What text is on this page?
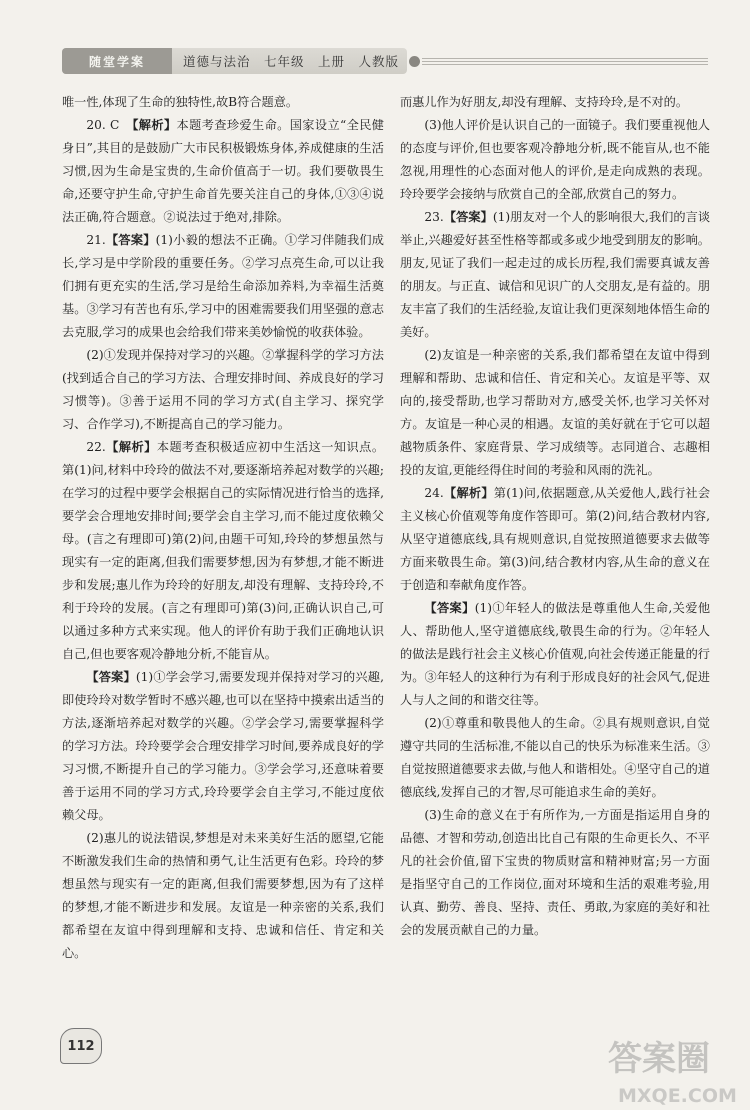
随堂学案	道德与法治　七年级　上册　人教版

唯一性,体现了生命的独特性,故B符合题意。

20. C　【解析】本题考查珍爱生命。国家设立“全民健身日”,其目的是鼓励广大市民积极锻炼身体,养成健康的生活习惯,因为生命是宝贵的,生命价值高于一切。我们要敬畏生命,还要守护生命,守护生命首先要关注自己的身体,①③④说法正确,符合题意。②说法过于绝对,排除。

21.【答案】(1)小毅的想法不正确。①学习伴随我们成长,学习是中学阶段的重要任务。②学习点亮生命,可以让我们拥有更充实的生活,学习是给生命添加养料,为幸福生活奠基。③学习有苦也有乐,学习中的困难需要我们用坚强的意志去克服,学习的成果也会给我们带来美妙愉悦的收获体验。

(2)①发现并保持对学习的兴趣。②掌握科学的学习方法(找到适合自己的学习方法、合理安排时间、养成良好的学习习惯等)。③善于运用不同的学习方式(自主学习、探究学习、合作学习),不断提高自己的学习能力。

22.【解析】本题考查积极适应初中生活这一知识点。第(1)问,材料中玲玲的做法不对,要逐渐培养起对数学的兴趣;在学习的过程中要学会根据自己的实际情况进行恰当的选择,要学会合理地安排时间;要学会自主学习,而不能过度依赖父母。(言之有理即可)第(2)问,由题干可知,玲玲的梦想虽然与现实有一定的距离,但我们需要梦想,因为有梦想,才能不断进步和发展;惠儿作为玲玲的好朋友,却没有理解、支持玲玲,不利于玲玲的发展。(言之有理即可)第(3)问,正确认识自己,可以通过多种方式来实现。他人的评价有助于我们正确地认识自己,但也要客观冷静地分析,不能盲从。

【答案】(1)①学会学习,需要发现并保持对学习的兴趣,即使玲玲对数学暂时不感兴趣,也可以在坚持中摸索出适当的方法,逐渐培养起对数学的兴趣。②学会学习,需要掌握科学的学习方法。玲玲要学会合理安排学习时间,要养成良好的学习习惯,不断提升自己的学习能力。③学会学习,还意味着要善于运用不同的学习方式,玲玲要学会自主学习,不能过度依赖父母。

(2)惠儿的说法错误,梦想是对未来美好生活的愿望,它能不断激发我们生命的热情和勇气,让生活更有色彩。玲玲的梦想虽然与现实有一定的距离,但我们需要梦想,因为有了这样的梦想,才能不断进步和发展。友谊是一种亲密的关系,我们都希望在友谊中得到理解和支持、忠诚和信任、肯定和关心。

而惠儿作为好朋友,却没有理解、支持玲玲,是不对的。

(3)他人评价是认识自己的一面镜子。我们要重视他人的态度与评价,但也要客观冷静地分析,既不能盲从,也不能忽视,用理性的心态面对他人的评价,是走向成熟的表现。玲玲要学会接纳与欣赏自己的全部,欣赏自己的努力。

23.【答案】(1)朋友对一个人的影响很大,我们的言谈举止,兴趣爱好甚至性格等都或多或少地受到朋友的影响。朋友,见证了我们一起走过的成长历程,我们需要真诚友善的朋友。与正直、诚信和见识广的人交朋友,是有益的。朋友丰富了我们的生活经验,友谊让我们更深刻地体悟生命的美好。

(2)友谊是一种亲密的关系,我们都希望在友谊中得到理解和帮助、忠诚和信任、肯定和关心。友谊是平等、双向的,接受帮助,也学习帮助对方,感受关怀,也学习关怀对方。友谊是一种心灵的相遇。友谊的美好就在于它可以超越物质条件、家庭背景、学习成绩等。志同道合、志趣相投的友谊,更能经得住时间的考验和风雨的洗礼。

24.【解析】第(1)问,依据题意,从关爱他人,践行社会主义核心价值观等角度作答即可。第(2)问,结合教材内容,从坚守道德底线,具有规则意识,自觉按照道德要求去做等方面来敬畏生命。第(3)问,结合教材内容,从生命的意义在于创造和奉献角度作答。

【答案】(1)①年轻人的做法是尊重他人生命,关爱他人、帮助他人,坚守道德底线,敬畏生命的行为。②年轻人的做法是践行社会主义核心价值观,向社会传递正能量的行为。③年轻人的这种行为有利于形成良好的社会风气,促进人与人之间的和谐交往等。

(2)①尊重和敬畏他人的生命。②具有规则意识,自觉遵守共同的生活标准,不能以自己的快乐为标准来生活。③自觉按照道德要求去做,与他人和谐相处。④坚守自己的道德底线,发挥自己的才智,尽可能追求生命的美好。

(3)生命的意义在于有所作为,一方面是指运用自身的品德、才智和劳动,创造出比自己有限的生命更长久、不平凡的社会价值,留下宝贵的物质财富和精神财富;另一方面是指坚守自己的工作岗位,面对环境和生活的艰难考验,用认真、勤劳、善良、坚持、责任、勇敢,为家庭的美好和社会的发展贡献自己的力量。

112	答案圈
MXQE.COM
